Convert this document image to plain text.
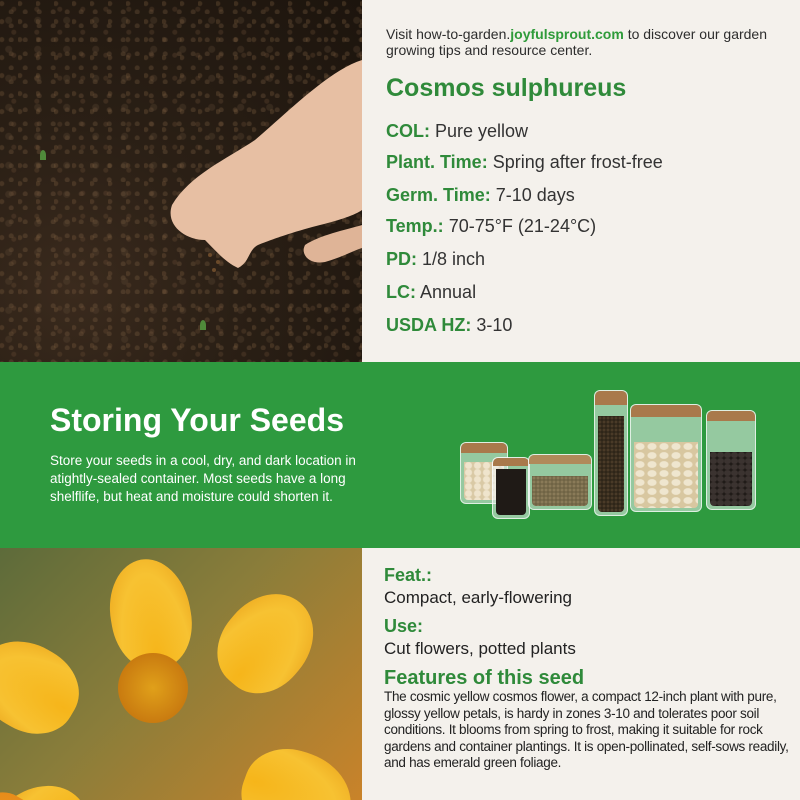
Visit how-to-garden.joyfulsprout.com to discover our garden growing tips and resource center.
Cosmos sulphureus
COL: Pure yellow
Plant. Time: Spring after frost-free
Germ. Time: 7-10 days
Temp.: 70-75°F (21-24°C)
PD: 1/8 inch
LC: Annual
USDA HZ: 3-10
Storing Your Seeds
Store your seeds in a cool, dry, and dark location in atightly-sealed container. Most seeds have a long shelflife, but heat and moisture could shorten it.
Feat.:
Compact, early-flowering
Use:
Cut flowers, potted plants
Features of this seed
The cosmic yellow cosmos flower, a compact 12-inch plant with pure, glossy yellow petals, is hardy in zones 3-10 and tolerates poor soil conditions. It blooms from spring to frost, making it suitable for rock gardens and container plantings. It is open-pollinated, self-sows readily, and has emerald green foliage.
